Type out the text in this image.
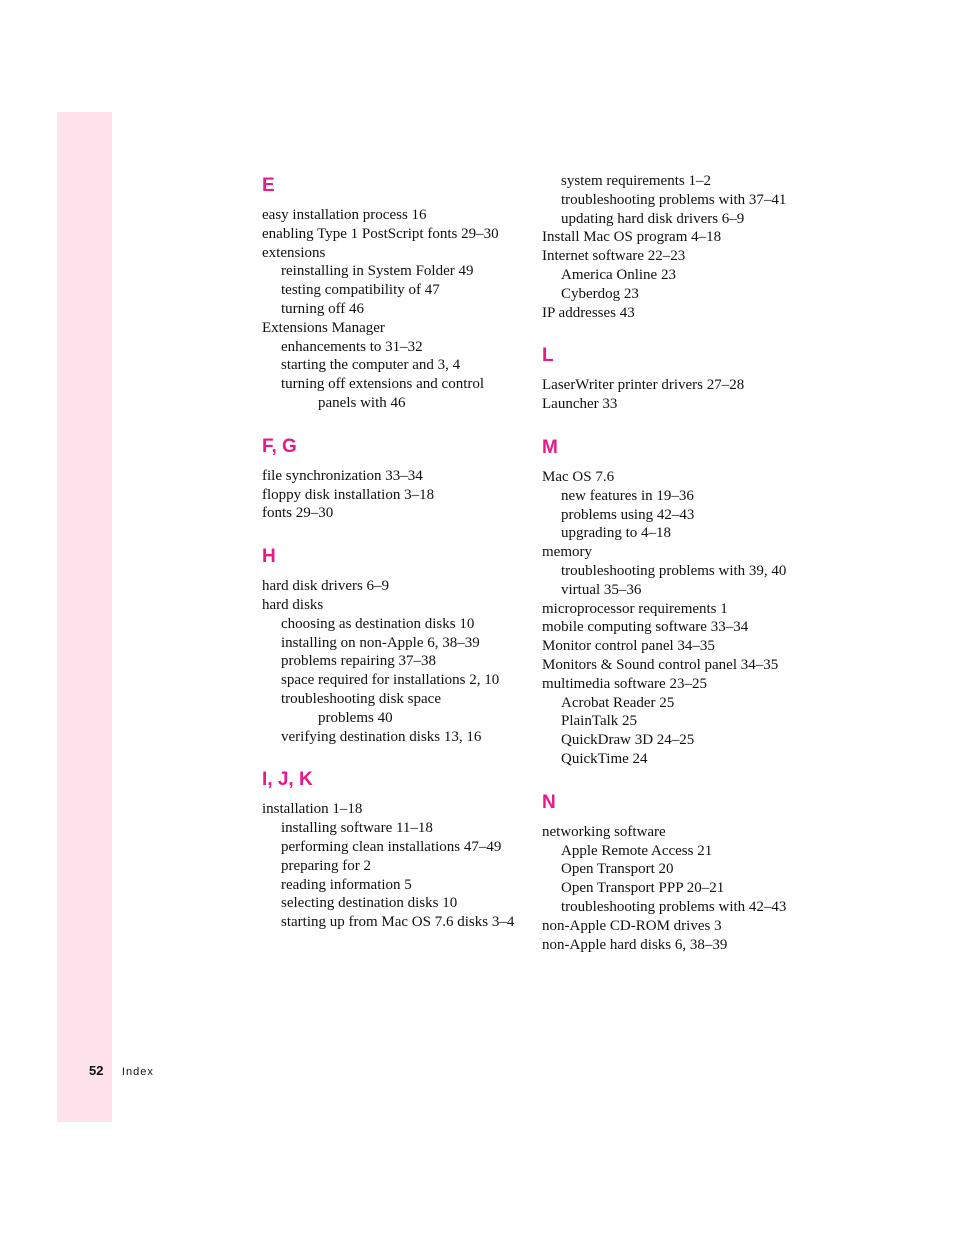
E
easy installation process 16
enabling Type 1 PostScript fonts 29–30
extensions
reinstalling in System Folder 49
testing compatibility of 47
turning off 46
Extensions Manager
enhancements to 31–32
starting the computer and 3, 4
turning off extensions and control
panels with 46
F, G
file synchronization 33–34
floppy disk installation 3–18
fonts 29–30
H
hard disk drivers 6–9
hard disks
choosing as destination disks 10
installing on non-Apple 6, 38–39
problems repairing 37–38
space required for installations 2, 10
troubleshooting disk space
problems 40
verifying destination disks 13, 16
I, J, K
installation 1–18
installing software 11–18
performing clean installations 47–49
preparing for 2
reading information 5
selecting destination disks 10
starting up from Mac OS 7.6 disks 3–4
system requirements 1–2
troubleshooting problems with 37–41
updating hard disk drivers 6–9
Install Mac OS program 4–18
Internet software 22–23
America Online 23
Cyberdog 23
IP addresses 43
L
LaserWriter printer drivers 27–28
Launcher 33
M
Mac OS 7.6
new features in 19–36
problems using 42–43
upgrading to 4–18
memory
troubleshooting problems with 39, 40
virtual 35–36
microprocessor requirements 1
mobile computing software 33–34
Monitor control panel 34–35
Monitors & Sound control panel 34–35
multimedia software 23–25
Acrobat Reader 25
PlainTalk 25
QuickDraw 3D 24–25
QuickTime 24
N
networking software
Apple Remote Access 21
Open Transport 20
Open Transport PPP 20–21
troubleshooting problems with 42–43
non-Apple CD-ROM drives 3
non-Apple hard disks 6, 38–39
52 Index
